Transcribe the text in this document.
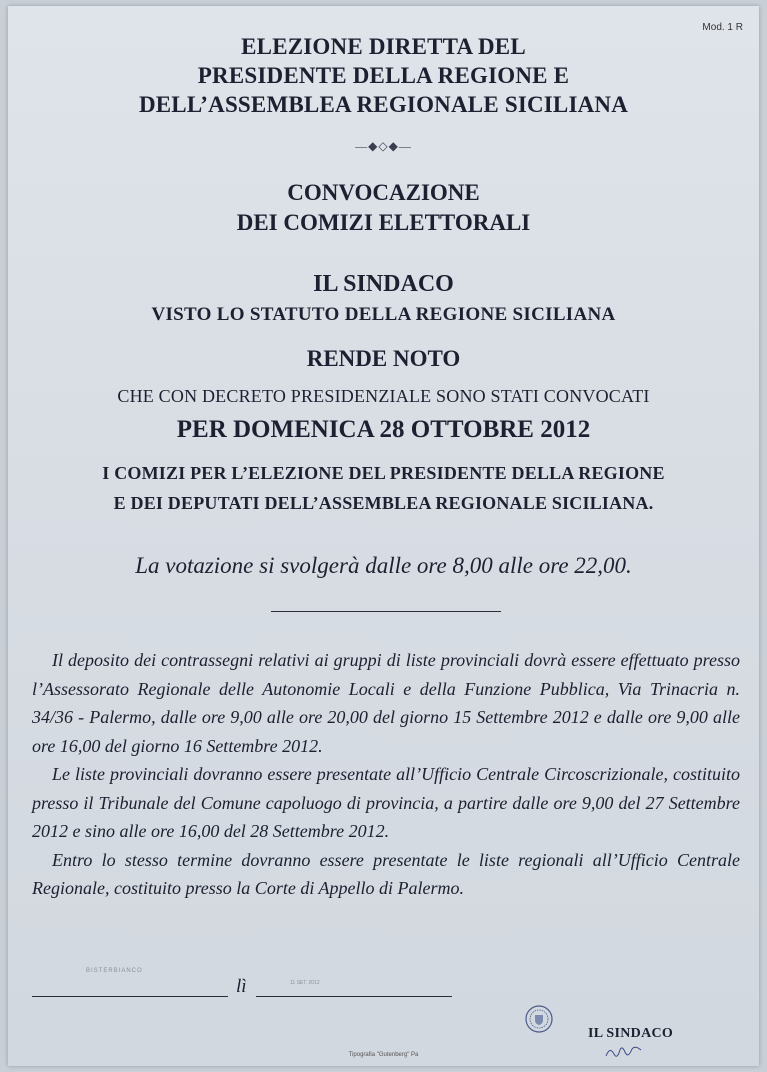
Mod. 1 R
ELEZIONE DIRETTA DEL
PRESIDENTE DELLA REGIONE E
DELL’ASSEMBLEA REGIONALE SICILIANA
—◆◇◆—
CONVOCAZIONE
DEI COMIZI ELETTORALI
IL SINDACO
VISTO LO STATUTO DELLA REGIONE SICILIANA
RENDE NOTO
CHE CON DECRETO PRESIDENZIALE SONO STATI CONVOCATI
PER DOMENICA 28 OTTOBRE 2012
I COMIZI PER L’ELEZIONE DEL PRESIDENTE DELLA REGIONE
E DEI DEPUTATI DELL’ASSEMBLEA REGIONALE SICILIANA.
La votazione si svolgerà dalle ore 8,00 alle ore 22,00.

Il deposito dei contrassegni relativi ai gruppi di liste provinciali dovrà essere effettuato presso l’Assessorato Regionale delle Autonomie Locali e della Funzione Pubblica, Via Trinacria n. 34/36 - Palermo, dalle ore 9,00 alle ore 20,00 del giorno 15 Settembre 2012 e dalle ore 9,00 alle ore 16,00 del giorno 16 Settembre 2012.

Le liste provinciali dovranno essere presentate all’Ufficio Centrale Circoscrizionale, costituito presso il Tribunale del Comune capoluogo di provincia, a partire dalle ore 9,00 del 27 Settembre 2012 e sino alle ore 16,00 del 28 Settembre 2012.

Entro lo stesso termine dovranno essere presentate le liste regionali all’Ufficio Centrale Regionale, costituito presso la Corte di Appello di Palermo.

BISTERBIANCO
11 SET. 2012
lì
IL SINDACO
Tipografia "Gutenberg" Pa
